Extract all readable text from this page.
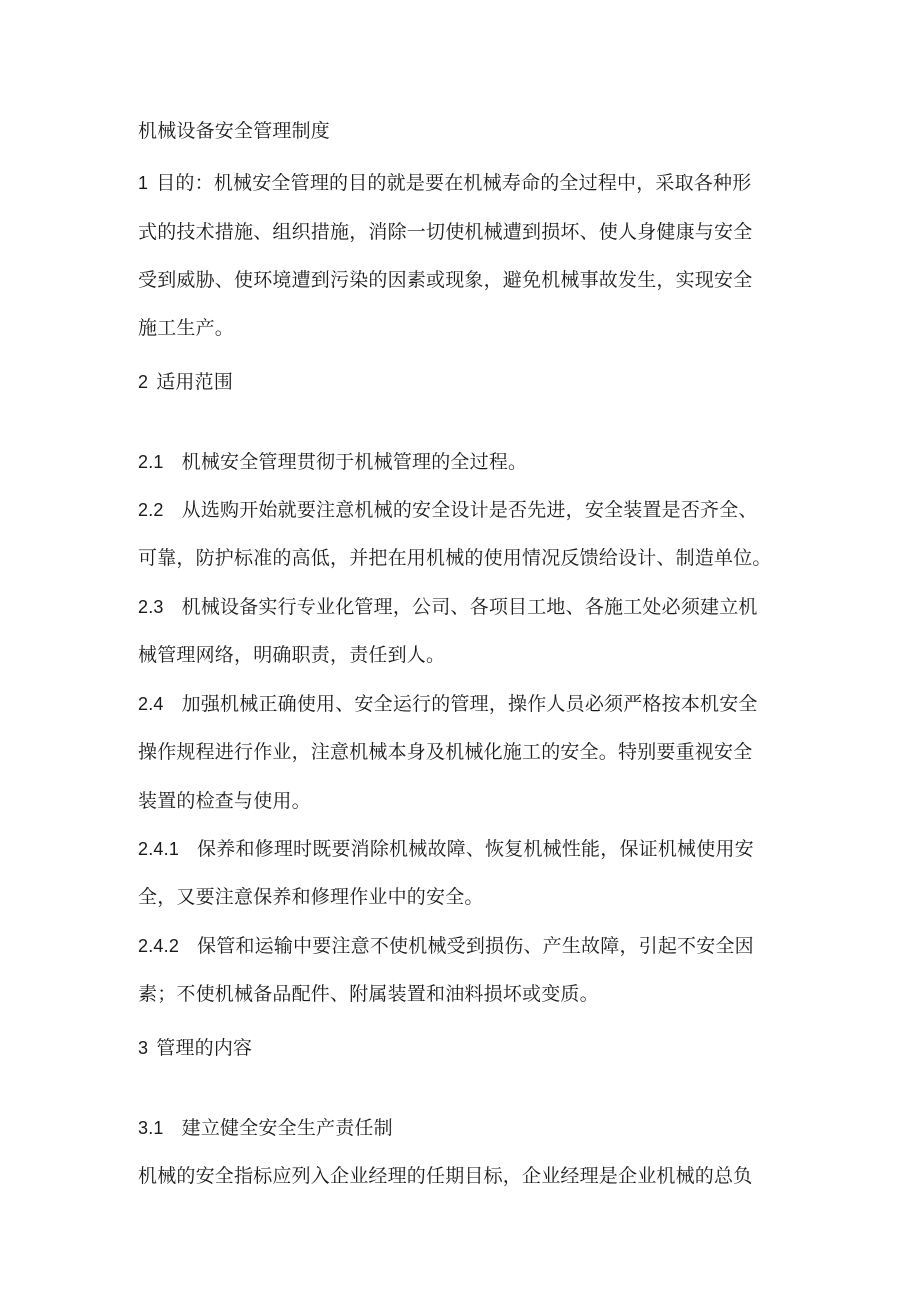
机械设备安全管理制度
1 目的：机械安全管理的目的就是要在机械寿命的全过程中，采取各种形
式的技术措施、组织措施，消除一切使机械遭到损坏、使人身健康与安全
受到威胁、使环境遭到污染的因素或现象，避免机械事故发生，实现安全
施工生产。
2 适用范围
2.1 机械安全管理贯彻于机械管理的全过程。
2.2 从选购开始就要注意机械的安全设计是否先进，安全装置是否齐全、
可靠，防护标准的高低，并把在用机械的使用情况反馈给设计、制造单位。
2.3 机械设备实行专业化管理，公司、各项目工地、各施工处必须建立机
械管理网络，明确职责，责任到人。
2.4 加强机械正确使用、安全运行的管理，操作人员必须严格按本机安全
操作规程进行作业，注意机械本身及机械化施工的安全。特别要重视安全
装置的检查与使用。
2.4.1 保养和修理时既要消除机械故障、恢复机械性能，保证机械使用安
全，又要注意保养和修理作业中的安全。
2.4.2 保管和运输中要注意不使机械受到损伤、产生故障，引起不安全因
素；不使机械备品配件、附属装置和油料损坏或变质。
3 管理的内容
3.1 建立健全安全生产责任制
机械的安全指标应列入企业经理的任期目标，企业经理是企业机械的总负
